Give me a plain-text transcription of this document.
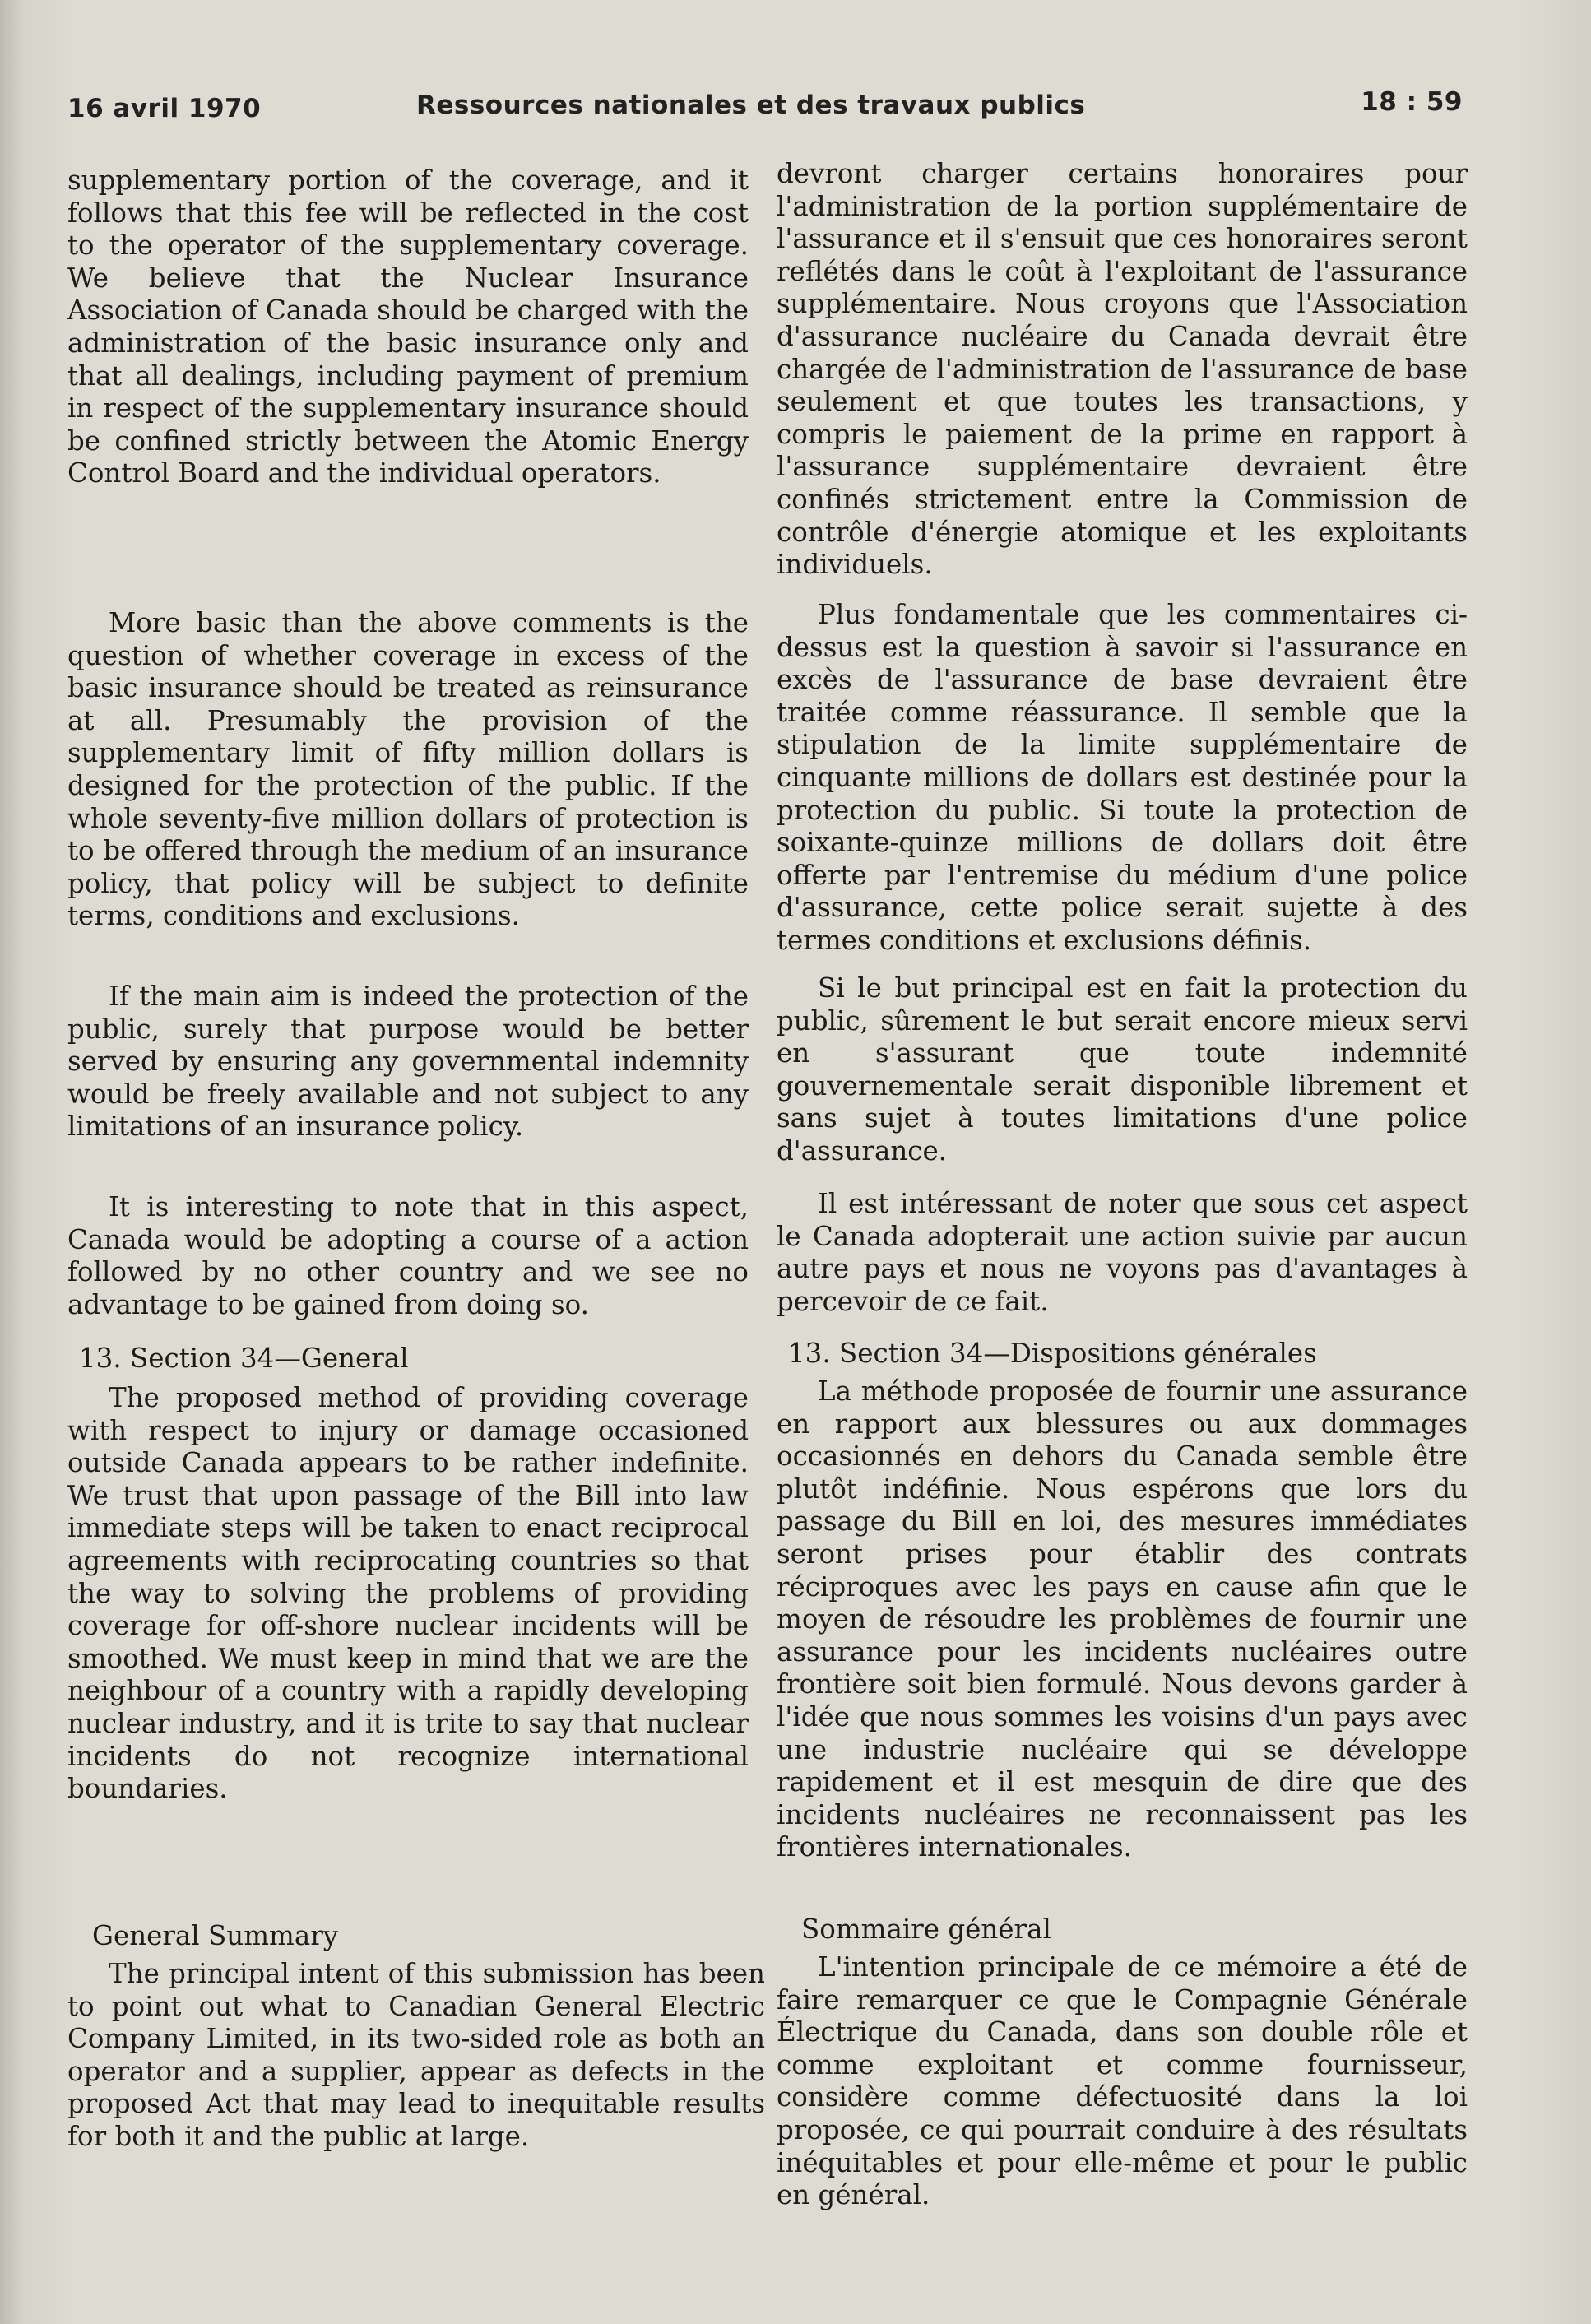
16 avril 1970	Ressources nationales et des travaux publics	18 : 59

supplementary portion of the coverage, and it follows that this fee will be reflected in the cost to the operator of the supplementary coverage. We believe that the Nuclear Insurance Association of Canada should be charged with the administration of the basic insurance only and that all dealings, including payment of premium in respect of the supplementary insurance should be confined strictly between the Atomic Energy Control Board and the individual operators.

More basic than the above comments is the question of whether coverage in excess of the basic insurance should be treated as reinsurance at all. Presumably the provision of the supplementary limit of fifty million dollars is designed for the protection of the public. If the whole seventy-five million dollars of protection is to be offered through the medium of an insurance policy, that policy will be subject to definite terms, conditions and exclusions.

If the main aim is indeed the protection of the public, surely that purpose would be better served by ensuring any governmental indemnity would be freely available and not subject to any limitations of an insurance policy.

It is interesting to note that in this aspect, Canada would be adopting a course of a action followed by no other country and we see no advantage to be gained from doing so.

13. Section 34—General

The proposed method of providing coverage with respect to injury or damage occasioned outside Canada appears to be rather indefinite. We trust that upon passage of the Bill into law immediate steps will be taken to enact reciprocal agreements with reciprocating countries so that the way to solving the problems of providing coverage for off-shore nuclear incidents will be smoothed. We must keep in mind that we are the neighbour of a country with a rapidly developing nuclear industry, and it is trite to say that nuclear incidents do not recognize international boundaries.

General Summary

The principal intent of this submission has been to point out what to Canadian General Electric Company Limited, in its two-sided role as both an operator and a supplier, appear as defects in the proposed Act that may lead to inequitable results for both it and the public at large.

devront charger certains honoraires pour l'administration de la portion supplémentaire de l'assurance et il s'ensuit que ces honoraires seront reflétés dans le coût à l'exploitant de l'assurance supplémentaire. Nous croyons que l'Association d'assurance nucléaire du Canada devrait être chargée de l'administration de l'assurance de base seulement et que toutes les transactions, y compris le paiement de la prime en rapport à l'assurance supplémentaire devraient être confinés strictement entre la Commission de contrôle d'énergie atomique et les exploitants individuels.

Plus fondamentale que les commentaires ci-dessus est la question à savoir si l'assurance en excès de l'assurance de base devraient être traitée comme réassurance. Il semble que la stipulation de la limite supplémentaire de cinquante millions de dollars est destinée pour la protection du public. Si toute la protection de soixante-quinze millions de dollars doit être offerte par l'entremise du médium d'une police d'assurance, cette police serait sujette à des termes conditions et exclusions définis.

Si le but principal est en fait la protection du public, sûrement le but serait encore mieux servi en s'assurant que toute indemnité gouvernementale serait disponible librement et sans sujet à toutes limitations d'une police d'assurance.

Il est intéressant de noter que sous cet aspect le Canada adopterait une action suivie par aucun autre pays et nous ne voyons pas d'avantages à percevoir de ce fait.

13. Section 34—Dispositions générales

La méthode proposée de fournir une assurance en rapport aux blessures ou aux dommages occasionnés en dehors du Canada semble être plutôt indéfinie. Nous espérons que lors du passage du Bill en loi, des mesures immédiates seront prises pour établir des contrats réciproques avec les pays en cause afin que le moyen de résoudre les problèmes de fournir une assurance pour les incidents nucléaires outre frontière soit bien formulé. Nous devons garder à l'idée que nous sommes les voisins d'un pays avec une industrie nucléaire qui se développe rapidement et il est mesquin de dire que des incidents nucléaires ne reconnaissent pas les frontières internationales.

Sommaire général

L'intention principale de ce mémoire a été de faire remarquer ce que le Compagnie Générale Électrique du Canada, dans son double rôle et comme exploitant et comme fournisseur, considère comme défectuosité dans la loi proposée, ce qui pourrait conduire à des résultats inéquitables et pour elle-même et pour le public en général.
